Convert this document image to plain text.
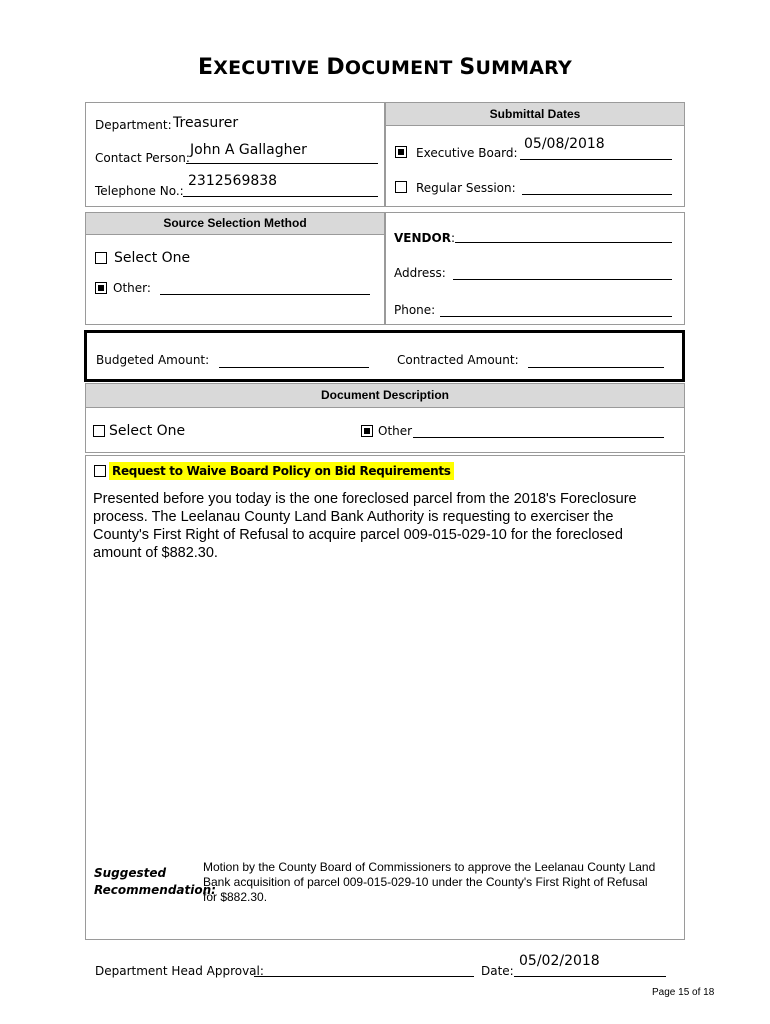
EXECUTIVE DOCUMENT SUMMARY
Department: Treasurer
Contact Person: John A Gallagher
Telephone No.:
2312569838
Submittal Dates
Executive Board:
05/08/2018
Regular Session:
Source Selection Method
Select One
Other:
VENDOR:
Address:
Phone:
Budgeted Amount:	Contracted Amount:
Document Description
Select One	Other
Request to Waive Board Policy on Bid Requirements
Presented before you today is the one foreclosed parcel from the 2018's Foreclosure process. The Leelanau County Land Bank Authority is requesting to exerciser the County's First Right of Refusal to acquire parcel 009-015-029-10 for the foreclosed amount of $882.30.
Suggested
Recommendation:
Motion by the County Board of Commissioners to approve the Leelanau County Land Bank acquisition of parcel 009-015-029-10 under the County's First Right of Refusal for $882.30.
Department Head Approval:	Date:
05/02/2018
Page 15 of 18
